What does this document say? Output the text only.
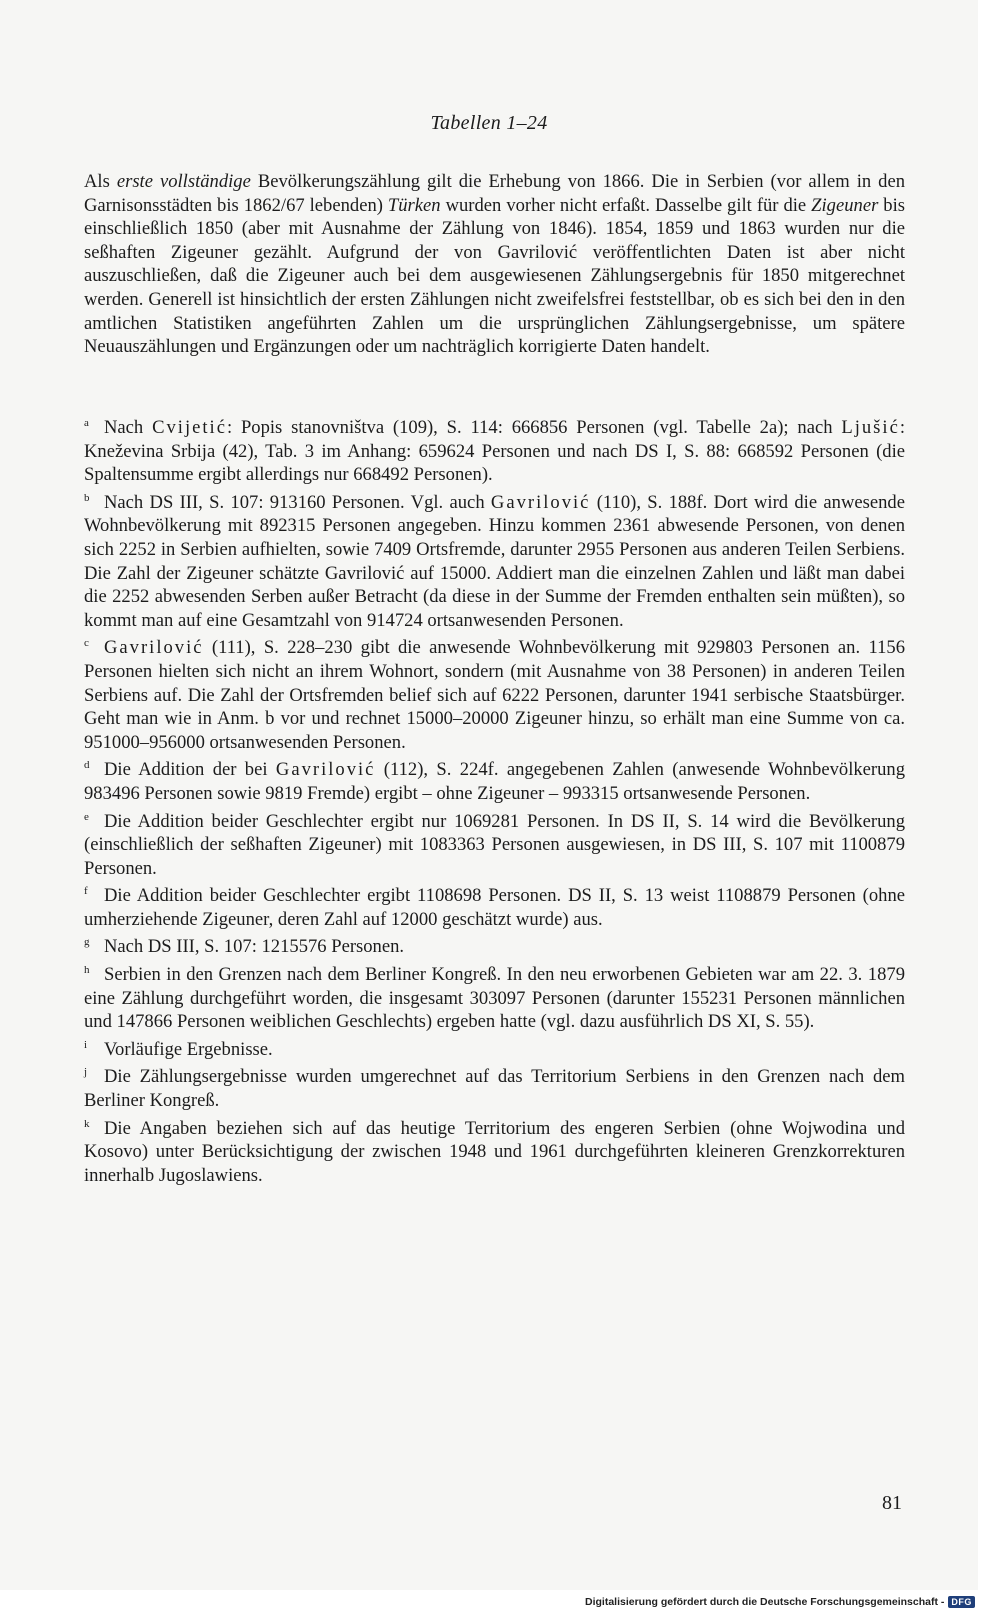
Tabellen 1–24

Als erste vollständige Bevölkerungszählung gilt die Erhebung von 1866. Die in Serbien (vor allem in den Garnisonsstädten bis 1862/67 lebenden) Türken wurden vorher nicht erfaßt. Dasselbe gilt für die Zigeuner bis einschließlich 1850 (aber mit Ausnahme der Zählung von 1846). 1854, 1859 und 1863 wurden nur die seßhaften Zigeuner gezählt. Aufgrund der von Gavrilović veröffentlichten Daten ist aber nicht auszuschließen, daß die Zigeuner auch bei dem ausgewiesenen Zählungsergebnis für 1850 mitgerechnet werden. Generell ist hinsichtlich der ersten Zählungen nicht zweifelsfrei feststellbar, ob es sich bei den in den amtlichen Statistiken angeführten Zahlen um die ursprünglichen Zählungsergebnisse, um spätere Neuauszählungen und Ergänzungen oder um nachträglich korrigierte Daten handelt.

a Nach Cvijetić: Popis stanovništva (109), S. 114: 666856 Personen (vgl. Tabelle 2a); nach Ljušić: Kneževina Srbija (42), Tab. 3 im Anhang: 659624 Personen und nach DS I, S. 88: 668592 Personen (die Spaltensumme ergibt allerdings nur 668492 Personen).

b Nach DS III, S. 107: 913160 Personen. Vgl. auch Gavrilović (110), S. 188f. Dort wird die anwesende Wohnbevölkerung mit 892315 Personen angegeben. Hinzu kommen 2361 abwesende Personen, von denen sich 2252 in Serbien aufhielten, sowie 7409 Ortsfremde, darunter 2955 Personen aus anderen Teilen Serbiens. Die Zahl der Zigeuner schätzte Gavrilović auf 15000. Addiert man die einzelnen Zahlen und läßt man dabei die 2252 abwesenden Serben außer Betracht (da diese in der Summe der Fremden enthalten sein müßten), so kommt man auf eine Gesamtzahl von 914724 ortsanwesenden Personen.

c Gavrilović (111), S. 228–230 gibt die anwesende Wohnbevölkerung mit 929803 Personen an. 1156 Personen hielten sich nicht an ihrem Wohnort, sondern (mit Ausnahme von 38 Personen) in anderen Teilen Serbiens auf. Die Zahl der Ortsfremden belief sich auf 6222 Personen, darunter 1941 serbische Staatsbürger. Geht man wie in Anm. b vor und rechnet 15000–20000 Zigeuner hinzu, so erhält man eine Summe von ca. 951000–956000 ortsanwesenden Personen.

d Die Addition der bei Gavrilović (112), S. 224f. angegebenen Zahlen (anwesende Wohnbevölkerung 983496 Personen sowie 9819 Fremde) ergibt – ohne Zigeuner – 993315 ortsanwesende Personen.

e Die Addition beider Geschlechter ergibt nur 1069281 Personen. In DS II, S. 14 wird die Bevölkerung (einschließlich der seßhaften Zigeuner) mit 1083363 Personen ausgewiesen, in DS III, S. 107 mit 1100879 Personen.

f Die Addition beider Geschlechter ergibt 1108698 Personen. DS II, S. 13 weist 1108879 Personen (ohne umherziehende Zigeuner, deren Zahl auf 12000 geschätzt wurde) aus.

g Nach DS III, S. 107: 1215576 Personen.

h Serbien in den Grenzen nach dem Berliner Kongreß. In den neu erworbenen Gebieten war am 22. 3. 1879 eine Zählung durchgeführt worden, die insgesamt 303097 Personen (darunter 155231 Personen männlichen und 147866 Personen weiblichen Geschlechts) ergeben hatte (vgl. dazu ausführlich DS XI, S. 55).

i Vorläufige Ergebnisse.

j Die Zählungsergebnisse wurden umgerechnet auf das Territorium Serbiens in den Grenzen nach dem Berliner Kongreß.

k Die Angaben beziehen sich auf das heutige Territorium des engeren Serbien (ohne Wojwodina und Kosovo) unter Berücksichtigung der zwischen 1948 und 1961 durchgeführten kleineren Grenzkorrekturen innerhalb Jugoslawiens.

81
Digitalisierung gefördert durch die Deutsche Forschungsgemeinschaft - DFG
